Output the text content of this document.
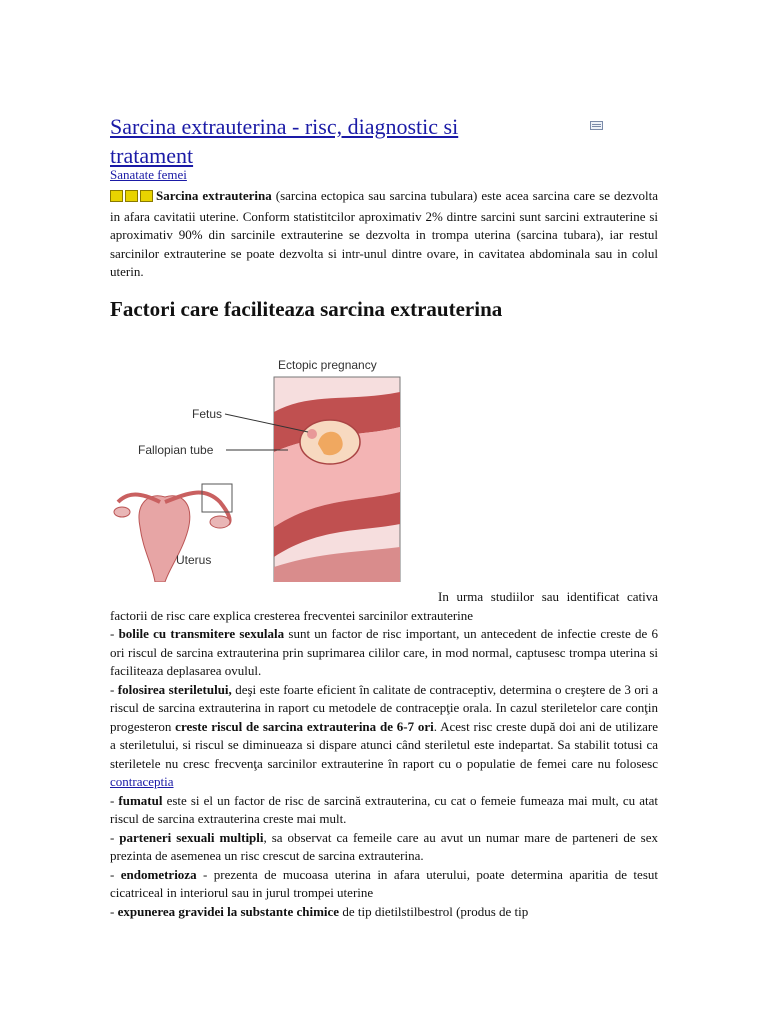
Sarcina extrauterina - risc, diagnostic si tratament
Sanatate femei

Sarcina extrauterina (sarcina ectopica sau sarcina tubulara) este acea sarcina care se dezvolta in afara cavitatii uterine. Conform statistitcilor aproximativ 2% dintre sarcini sunt sarcini extrauterine si aproximativ 90% din sarcinile extrauterine se dezvolta in trompa uterina (sarcina tubara), iar restul sarcinilor extrauterine se poate dezvolta si intr-unul dintre ovare, in cavitatea abdominala sau in colul uterin.

Factori care faciliteaza sarcina extrauterina
Ectopic pregnancy
Fetus
Fallopian tube
Uterus

In urma studiilor sau identificat cativa factorii de risc care explica cresterea frecventei sarcinilor extrauterine
- bolile cu transmitere sexulala sunt un factor de risc important, un antecedent de infectie creste de 6 ori riscul de sarcina extrauterina prin suprimarea cililor care, in mod normal, captusesc trompa uterina si faciliteaza deplasarea ovulul.
- folosirea steriletului, deşi este foarte eficient în calitate de contraceptiv, determina o creştere de 3 ori a riscul de sarcina extrauterina in raport cu metodele de contracepţie orala. In cazul steriletelor care conţin progesteron creste riscul de sarcina extrauterina de 6-7 ori. Acest risc creste după doi ani de utilizare a steriletului, si riscul se diminueaza si dispare atunci când steriletul este indepartat. Sa stabilit totusi ca steriletele nu cresc frecvenţa sarcinilor extrauterine în raport cu o populatie de femei care nu folosesc contraceptia
- fumatul este si el un factor de risc de sarcină extrauterina, cu cat o femeie fumeaza mai mult, cu atat riscul de sarcina extrauterina creste mai mult.
- parteneri sexuali multipli, sa observat ca femeile care au avut un numar mare de parteneri de sex prezinta de asemenea un risc crescut de sarcina extrauterina.
- endometrioza - prezenta de mucoasa uterina in afara uterului, poate determina aparitia de tesut cicatriceal in interiorul sau in jurul trompei uterine
- expunerea gravidei la substante chimice de tip dietilstilbestrol (produs de tip
